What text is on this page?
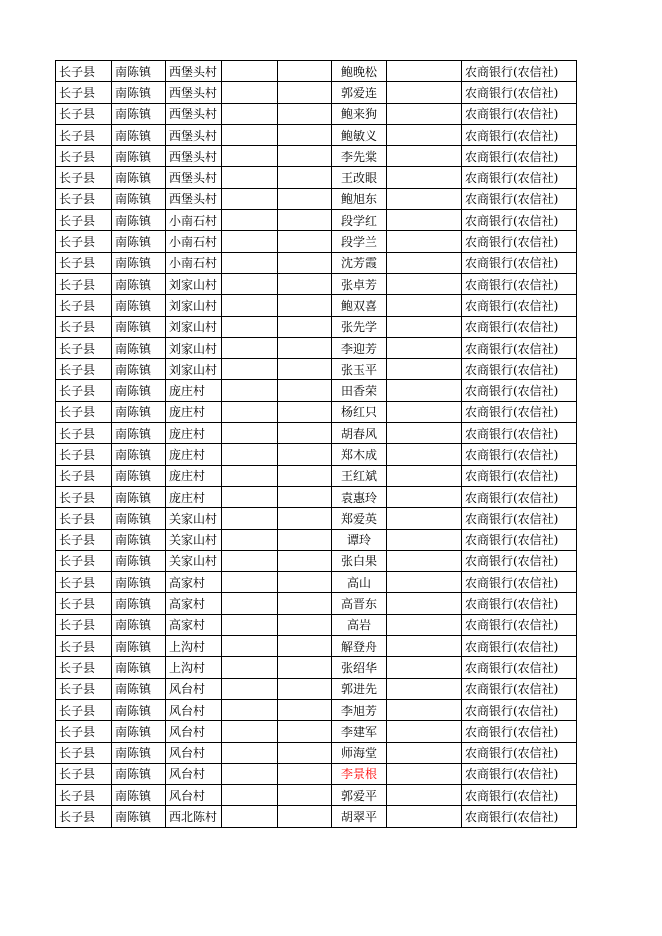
长子县	南陈镇	西堡头村			鲍晚松		农商银行(农信社)
长子县	南陈镇	西堡头村			郭爱连		农商银行(农信社)
长子县	南陈镇	西堡头村			鲍来狗		农商银行(农信社)
长子县	南陈镇	西堡头村			鲍敏义		农商银行(农信社)
长子县	南陈镇	西堡头村			李先棠		农商银行(农信社)
长子县	南陈镇	西堡头村			王改眼		农商银行(农信社)
长子县	南陈镇	西堡头村			鲍旭东		农商银行(农信社)
长子县	南陈镇	小南石村			段学红		农商银行(农信社)
长子县	南陈镇	小南石村			段学兰		农商银行(农信社)
长子县	南陈镇	小南石村			沈芳霞		农商银行(农信社)
长子县	南陈镇	刘家山村			张卓芳		农商银行(农信社)
长子县	南陈镇	刘家山村			鲍双喜		农商银行(农信社)
长子县	南陈镇	刘家山村			张先学		农商银行(农信社)
长子县	南陈镇	刘家山村			李迎芳		农商银行(农信社)
长子县	南陈镇	刘家山村			张玉平		农商银行(农信社)
长子县	南陈镇	庞庄村			田香荣		农商银行(农信社)
长子县	南陈镇	庞庄村			杨红只		农商银行(农信社)
长子县	南陈镇	庞庄村			胡春风		农商银行(农信社)
长子县	南陈镇	庞庄村			郑木成		农商银行(农信社)
长子县	南陈镇	庞庄村			王红斌		农商银行(农信社)
长子县	南陈镇	庞庄村			袁惠玲		农商银行(农信社)
长子县	南陈镇	关家山村			郑爱英		农商银行(农信社)
长子县	南陈镇	关家山村			谭玲		农商银行(农信社)
长子县	南陈镇	关家山村			张白果		农商银行(农信社)
长子县	南陈镇	高家村			高山		农商银行(农信社)
长子县	南陈镇	高家村			高晋东		农商银行(农信社)
长子县	南陈镇	高家村			高岩		农商银行(农信社)
长子县	南陈镇	上沟村			解登舟		农商银行(农信社)
长子县	南陈镇	上沟村			张绍华		农商银行(农信社)
长子县	南陈镇	风台村			郭进先		农商银行(农信社)
长子县	南陈镇	风台村			李旭芳		农商银行(农信社)
长子县	南陈镇	风台村			李建军		农商银行(农信社)
长子县	南陈镇	风台村			师海堂		农商银行(农信社)
长子县	南陈镇	风台村			李景根		农商银行(农信社)
长子县	南陈镇	风台村			郭爱平		农商银行(农信社)
长子县	南陈镇	西北陈村			胡翠平		农商银行(农信社)
